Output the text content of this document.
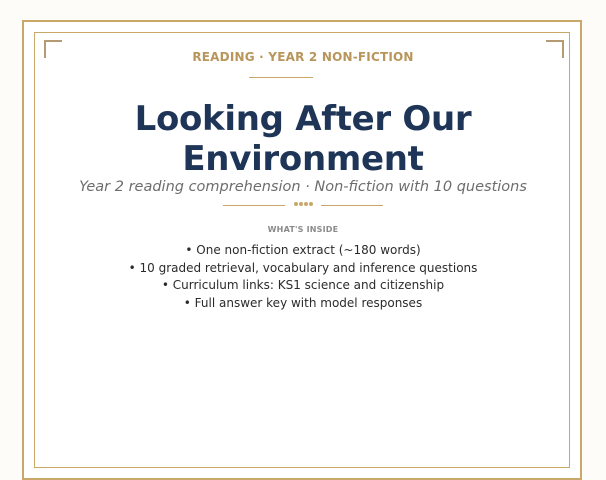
READING · YEAR 2 NON-FICTION
Looking After Our
Environment
Year 2 reading comprehension · Non-fiction with 10 questions
WHAT'S INSIDE
• One non-fiction extract (~180 words)
• 10 graded retrieval, vocabulary and inference questions
• Curriculum links: KS1 science and citizenship
• Full answer key with model responses
